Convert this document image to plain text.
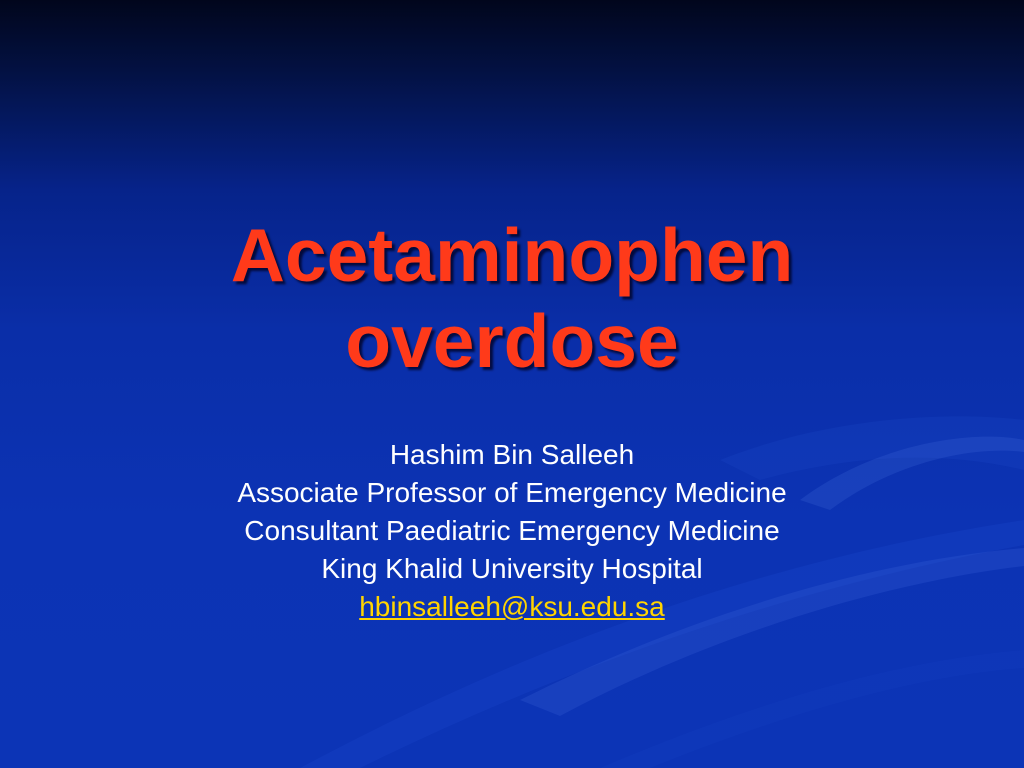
Acetaminophen
overdose
Hashim Bin Salleeh
Associate Professor of Emergency Medicine
Consultant Paediatric Emergency Medicine
King Khalid University Hospital
hbinsalleeh@ksu.edu.sa
